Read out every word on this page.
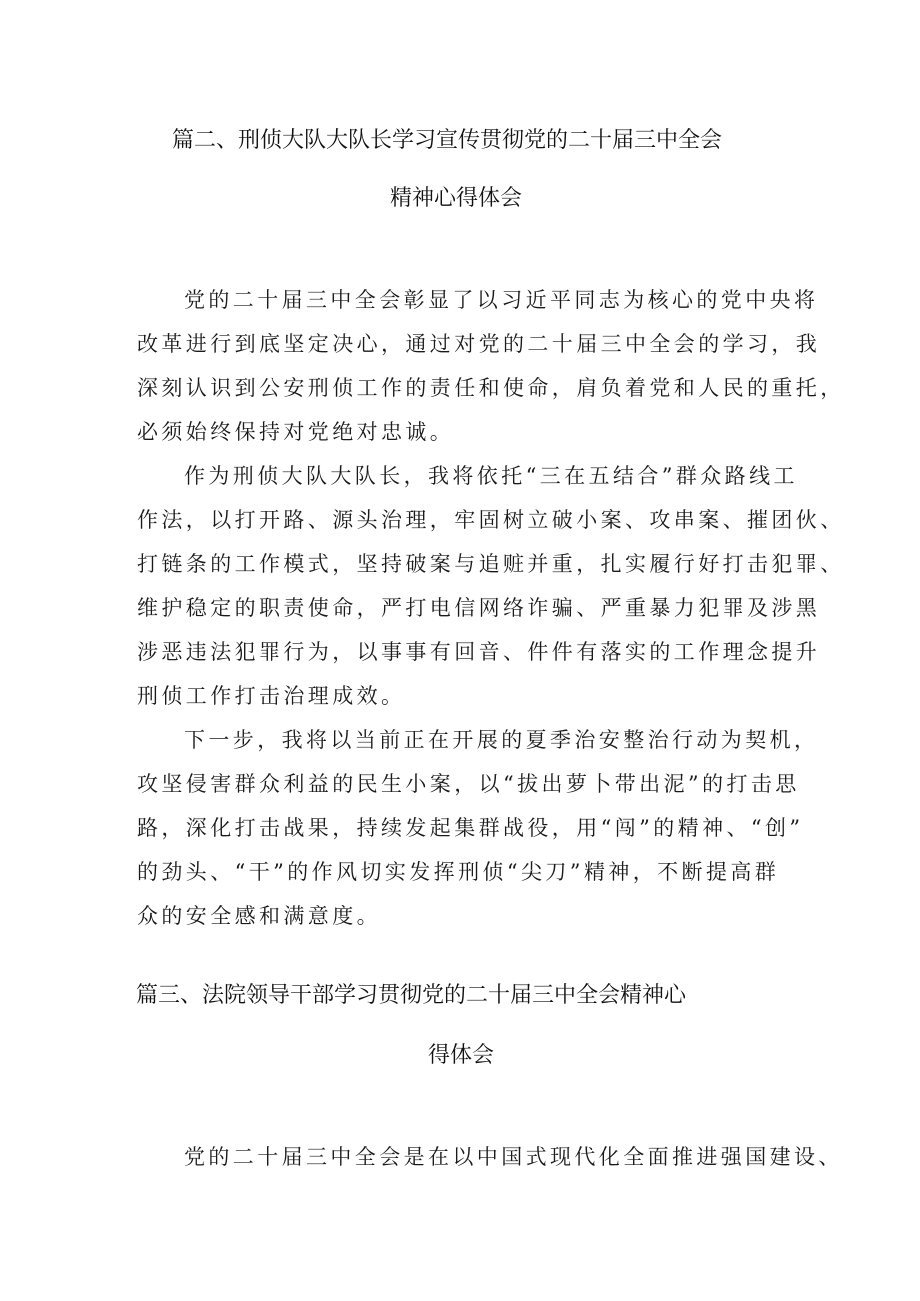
篇二、刑侦大队大队长学习宣传贯彻党的二十届三中全会
精神心得体会
党的二十届三中全会彰显了以习近平同志为核心的党中央将
改革进行到底坚定决心，通过对党的二十届三中全会的学习，我
深刻认识到公安刑侦工作的责任和使命，肩负着党和人民的重托，
必须始终保持对党绝对忠诚。
作为刑侦大队大队长，我将依托“三在五结合”群众路线工
作法，以打开路、源头治理，牢固树立破小案、攻串案、摧团伙、
打链条的工作模式，坚持破案与追赃并重，扎实履行好打击犯罪、
维护稳定的职责使命，严打电信网络诈骗、严重暴力犯罪及涉黑
涉恶违法犯罪行为，以事事有回音、件件有落实的工作理念提升
刑侦工作打击治理成效。
下一步，我将以当前正在开展的夏季治安整治行动为契机，
攻坚侵害群众利益的民生小案，以“拔出萝卜带出泥”的打击思
路，深化打击战果，持续发起集群战役，用“闯”的精神、“创”
的劲头、“干”的作风切实发挥刑侦“尖刀”精神，不断提高群
众的安全感和满意度。
篇三、法院领导干部学习贯彻党的二十届三中全会精神心
得体会
党的二十届三中全会是在以中国式现代化全面推进强国建设、
